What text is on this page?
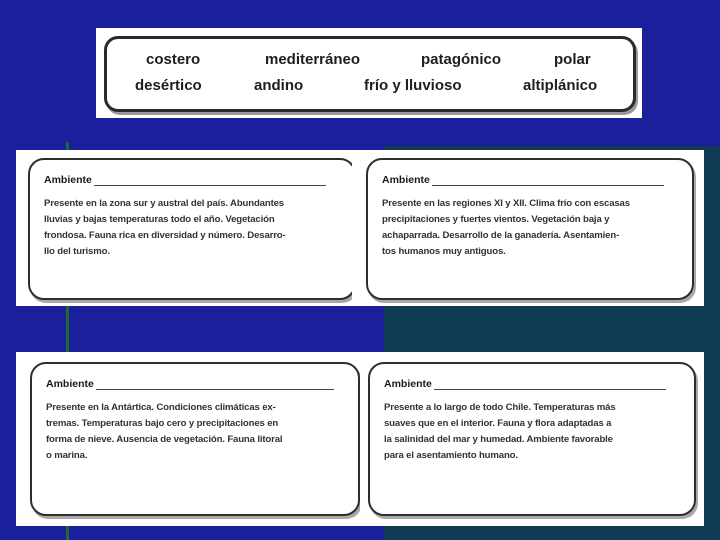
costero	mediterráneo	patagónico	polar
desértico	andino	frío y lluvioso	altiplánico
Ambiente
Presente en la zona sur y austral del país. Abundantes
lluvias y bajas temperaturas todo el año. Vegetación
frondosa. Fauna rica en diversidad y número. Desarro-
llo del turismo.
Ambiente
Presente en las regiones XI y XII. Clima frío con escasas
precipitaciones y fuertes vientos. Vegetación baja y
achaparrada. Desarrollo de la ganadería. Asentamien-
tos humanos muy antiguos.
Ambiente
Presente en la Antártica. Condiciones climáticas ex-
tremas. Temperaturas bajo cero y precipitaciones en
forma de nieve. Ausencia de vegetación. Fauna litoral
o marina.
Ambiente
Presente a lo largo de todo Chile. Temperaturas más
suaves que en el interior. Fauna y flora adaptadas a
la salinidad del mar y humedad. Ambiente favorable
para el asentamiento humano.
